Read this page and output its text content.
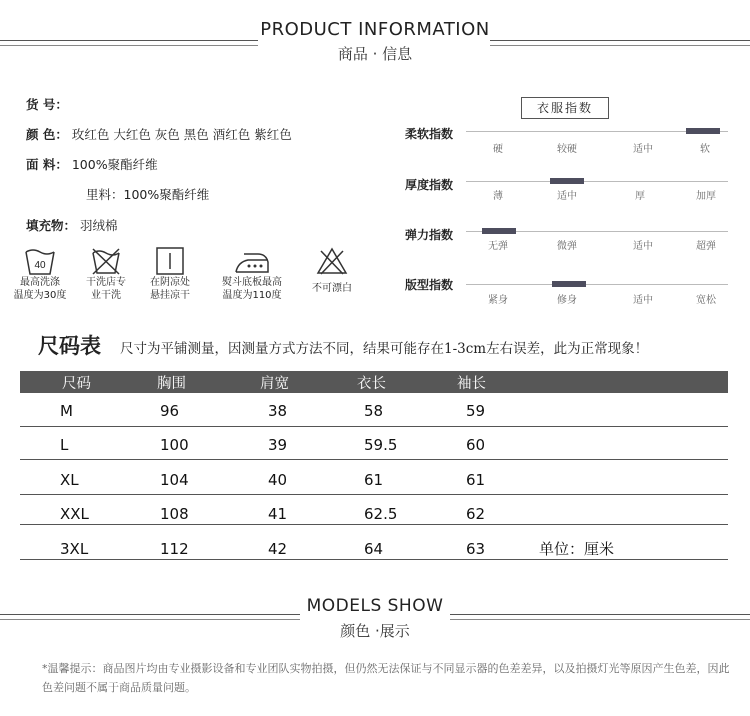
PRODUCT INFORMATION
商品 · 信息
货 号：
颜 色： 玫红色 大红色 灰色 黑色 酒红色 紫红色
面 料： 100%聚酯纤维
里料：100%聚酯纤维
填充物： 羽绒棉
40
最高洗涤
温度为30度
干洗店专
业干洗
在阴凉处
悬挂凉干
熨斗底板最高
温度为110度
不可漂白
衣服指数
柔软指数
硬	较硬	适中	软
厚度指数
薄	适中	厚	加厚
弹力指数
无弹	微弹	适中	超弹
版型指数
紧身	修身	适中	宽松
尺码表 尺寸为平铺测量，因测量方式方法不同，结果可能存在1-3cm左右误差，此为正常现象！
尺码	胸围	肩宽	衣长	袖长
M	96	38	58	59
L	100	39	59.5	60
XL	104	40	61	61
XXL	108	41	62.5	62
3XL	112	42	64	63	单位：厘米
MODELS SHOW
颜色 ·展示
*温馨提示：商品图片均由专业摄影设备和专业团队实物拍摄，但仍然无法保证与不同显示器的色差差异，以及拍摄灯光等原因产生色差，因此色差问题不属于商品质量问题。
